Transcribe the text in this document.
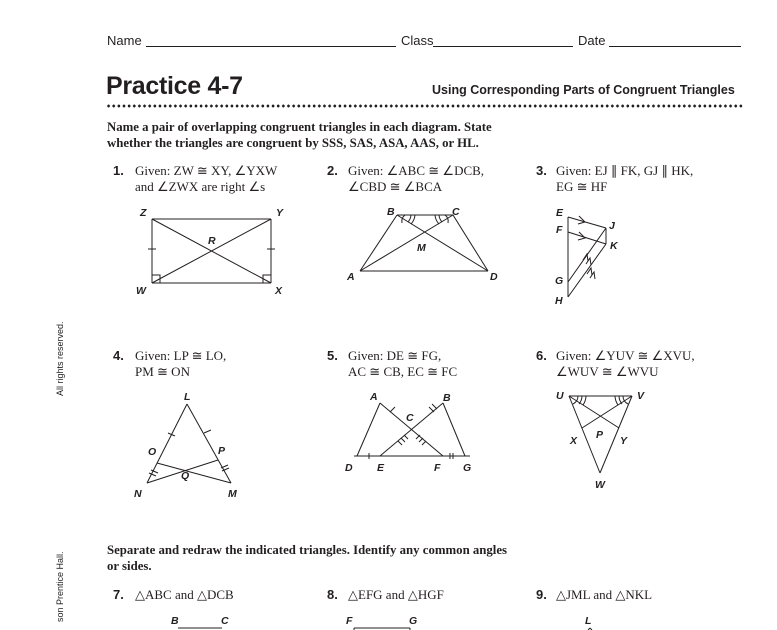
Name	Class	Date
Practice 4-7	Using Corresponding Parts of Congruent Triangles
Name a pair of overlapping congruent triangles in each diagram. State
whether the triangles are congruent by SSS, SAS, ASA, AAS, or HL.
All rights reserved.
son Prentice Hall.
1. Given: ZW ≅ XY, ∠YXW
and ∠ZWX are right ∠s
Z	Y
R
W	X
2. Given: ∠ABC ≅ ∠DCB,
∠CBD ≅ ∠BCA
B	C
M
A	D
3. Given: EJ ∥ FK, GJ ∥ HK,
EG ≅ HF
E
F	J
K
G
H
4. Given: LP ≅ LO,
PM ≅ ON
L
O	P
Q
N	M
5. Given: DE ≅ FG,
AC ≅ CB, EC ≅ FC
A	B
C
D E	F G
6. Given: ∠YUV ≅ ∠XVU,
∠WUV ≅ ∠WVU
U	V
P
X	Y
W
Separate and redraw the indicated triangles. Identify any common angles
or sides.
7. △ABC and △DCB
B	C
8. △EFG and △HGF
F	G
9. △JML and △NKL
L
